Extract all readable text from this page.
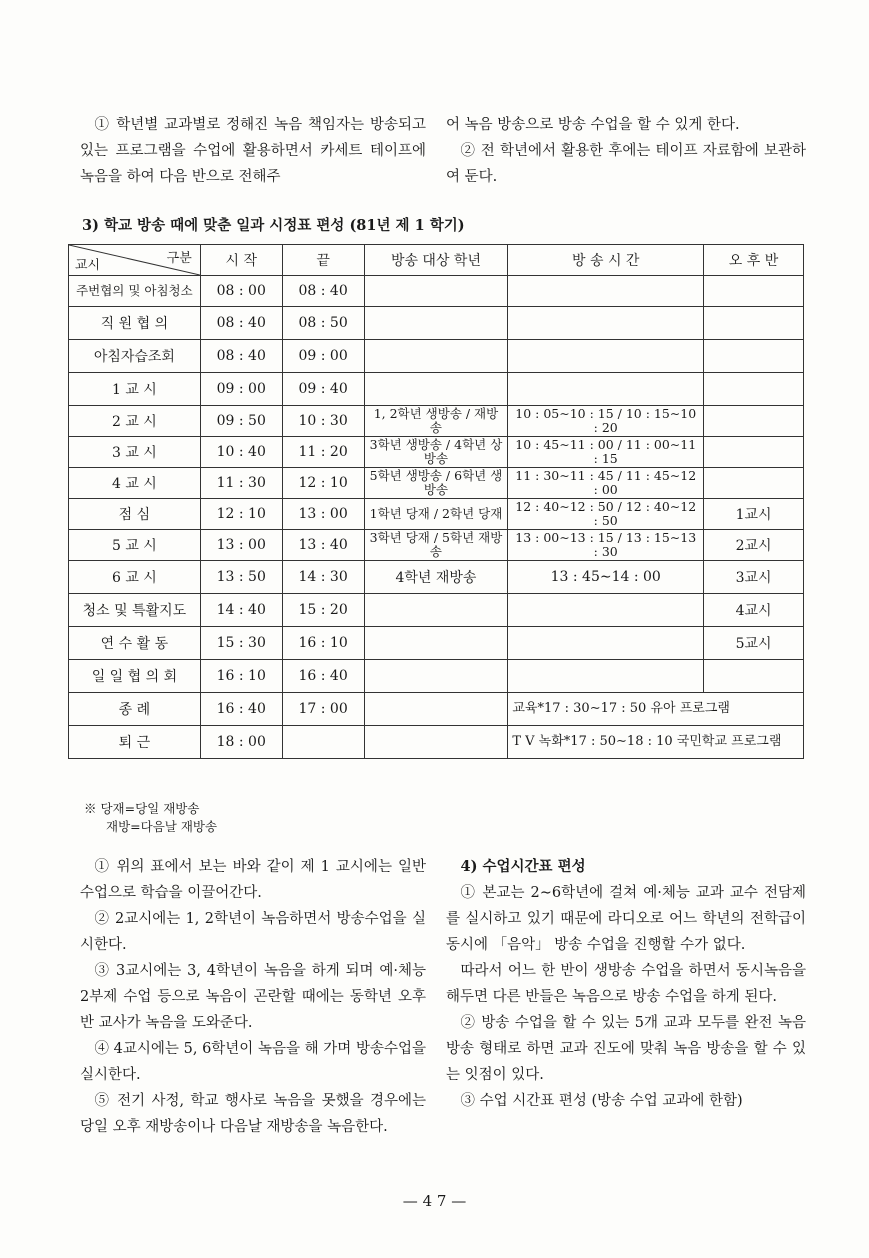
① 학년별 교과별로 정해진 녹음 책임자는 방송되고 있는 프로그램을 수업에 활용하면서 카세트 테이프에 녹음을 하여 다음 반으로 전해주

어 녹음 방송으로 방송 수업을 할 수 있게 한다.

② 전 학년에서 활용한 후에는 테이프 자료함에 보관하여 둔다.

3) 학교 방송 때에 맞춘 일과 시정표 편성 (81년 제 1 학기)
구분
교시	시 작	끝	방송 대상 학년	방 송 시 간	오 후 반
주번협의 및 아침청소	08 : 00	08 : 40			
직 원 협 의	08 : 40	08 : 50			
아침자습조회	08 : 40	09 : 00			
1 교 시	09 : 00	09 : 40			
2 교 시	09 : 50	10 : 30	1, 2학년 생방송 / 재방송	10 : 05∼10 : 15 / 10 : 15∼10 : 20	
3 교 시	10 : 40	11 : 20	3학년 생방송 / 4학년 상방송	10 : 45∼11 : 00 / 11 : 00∼11 : 15	
4 교 시	11 : 30	12 : 10	5학년 생방송 / 6학년 생방송	11 : 30∼11 : 45 / 11 : 45∼12 : 00	
점 심	12 : 10	13 : 00	1학년 당재 / 2학년 당재	12 : 40∼12 : 50 / 12 : 40∼12 : 50	1교시
5 교 시	13 : 00	13 : 40	3학년 당재 / 5학년 재방송	13 : 00∼13 : 15 / 13 : 15∼13 : 30	2교시
6 교 시	13 : 50	14 : 30	4학년 재방송	13 : 45∼14 : 00	3교시
청소 및 특활지도	14 : 40	15 : 20			4교시
연 수 활 동	15 : 30	16 : 10			5교시
일 일 협 의 회	16 : 10	16 : 40			
종 례	16 : 40	17 : 00		교육*17 : 30∼17 : 50 유아 프로그램	
퇴 근	18 : 00			T V 녹화*17 : 50∼18 : 10 국민학교 프로그램	
※ 당재=당일 재방송
재방=다음날 재방송

① 위의 표에서 보는 바와 같이 제 1 교시에는 일반 수업으로 학습을 이끌어간다.

② 2교시에는 1, 2학년이 녹음하면서 방송수업을 실시한다.

③ 3교시에는 3, 4학년이 녹음을 하게 되며 예·체능 2부제 수업 등으로 녹음이 곤란할 때에는 동학년 오후반 교사가 녹음을 도와준다.

④ 4교시에는 5, 6학년이 녹음을 해 가며 방송수업을 실시한다.

⑤ 전기 사정, 학교 행사로 녹음을 못했을 경우에는 당일 오후 재방송이나 다음날 재방송을 녹음한다.

4) 수업시간표 편성

① 본교는 2∼6학년에 걸쳐 예·체능 교과 교수 전담제를 실시하고 있기 때문에 라디오로 어느 학년의 전학급이 동시에 「음악」 방송 수업을 진행할 수가 없다.

따라서 어느 한 반이 생방송 수업을 하면서 동시녹음을 해두면 다른 반들은 녹음으로 방송 수업을 하게 된다.

② 방송 수업을 할 수 있는 5개 교과 모두를 완전 녹음방송 형태로 하면 교과 진도에 맞춰 녹음 방송을 할 수 있는 잇점이 있다.

③ 수업 시간표 편성 (방송 수업 교과에 한함)

— 4 7 —
